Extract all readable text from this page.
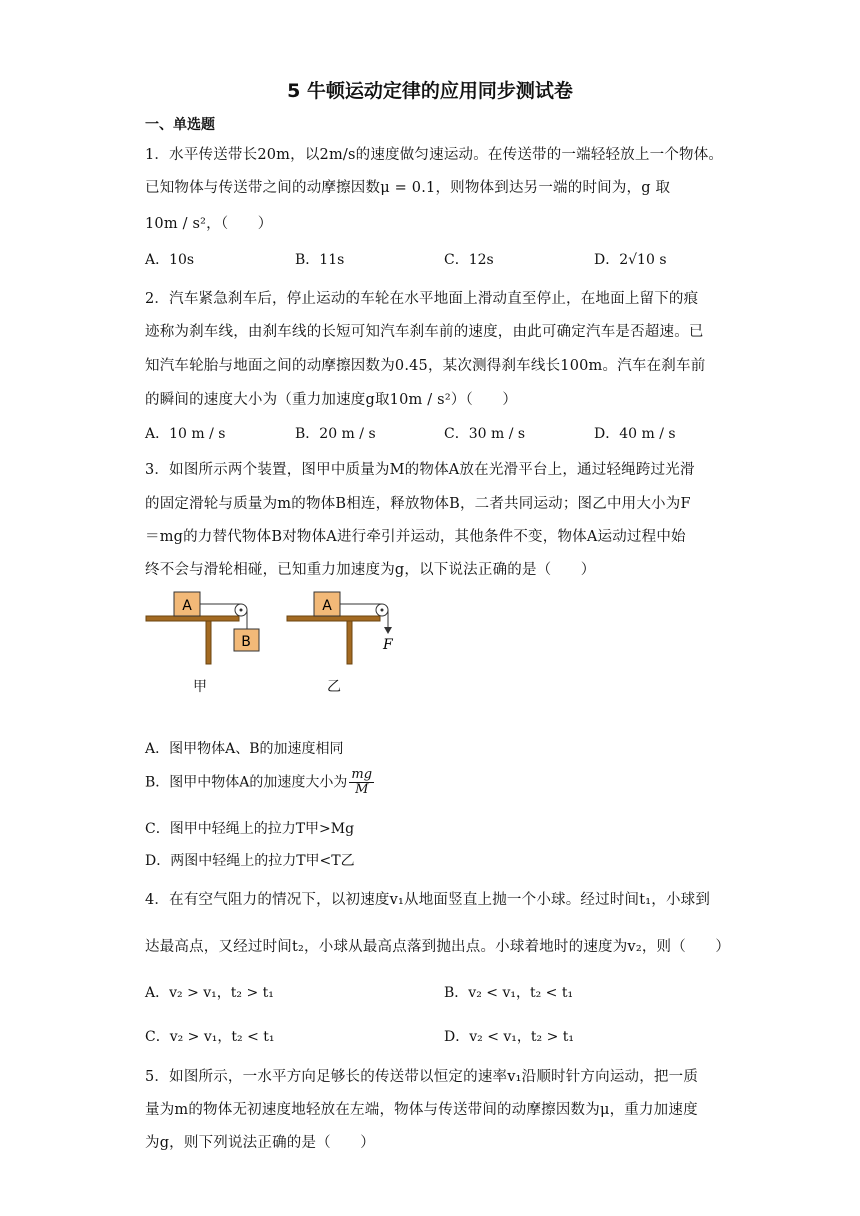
5 牛顿运动定律的应用同步测试卷
一、单选题
1．水平传送带长20m，以2m/s的速度做匀速运动。在传送带的一端轻轻放上一个物体。
已知物体与传送带之间的动摩擦因数μ = 0.1，则物体到达另一端的时间为，g 取
10m / s²，（　　）
A．10s	B．11s	C．12s	D．2√10 s
2．汽车紧急刹车后，停止运动的车轮在水平地面上滑动直至停止，在地面上留下的痕
迹称为刹车线，由刹车线的长短可知汽车刹车前的速度，由此可确定汽车是否超速。已
知汽车轮胎与地面之间的动摩擦因数为0.45，某次测得刹车线长100m。汽车在刹车前
的瞬间的速度大小为（重力加速度g取10m / s²）（　　）
A．10 m / s	B．20 m / s	C．30 m / s	D．40 m / s
3．如图所示两个装置，图甲中质量为M的物体A放在光滑平台上，通过轻绳跨过光滑
的固定滑轮与质量为m的物体B相连，释放物体B，二者共同运动；图乙中用大小为F
＝mg的力替代物体B对物体A进行牵引并运动，其他条件不变，物体A运动过程中始
终不会与滑轮相碰，已知重力加速度为g，以下说法正确的是（　　）
A
B
A
F
甲	乙
A．图甲物体A、B的加速度相同
B．图甲中物体A的加速度大小为 $\frac{mg}{M}$
C．图甲中轻绳上的拉力T甲>Mg
D．两图中轻绳上的拉力T甲<T乙
4．在有空气阻力的情况下，以初速度v₁从地面竖直上抛一个小球。经过时间t₁，小球到
达最高点，又经过时间t₂，小球从最高点落到抛出点。小球着地时的速度为v₂，则（　　）
A．v₂ > v₁，t₂ > t₁	B．v₂ < v₁，t₂ < t₁
C．v₂ > v₁，t₂ < t₁	D．v₂ < v₁，t₂ > t₁
5．如图所示，一水平方向足够长的传送带以恒定的速率v₁沿顺时针方向运动，把一质
量为m的物体无初速度地轻放在左端，物体与传送带间的动摩擦因数为μ，重力加速度
为g，则下列说法正确的是（　　）
